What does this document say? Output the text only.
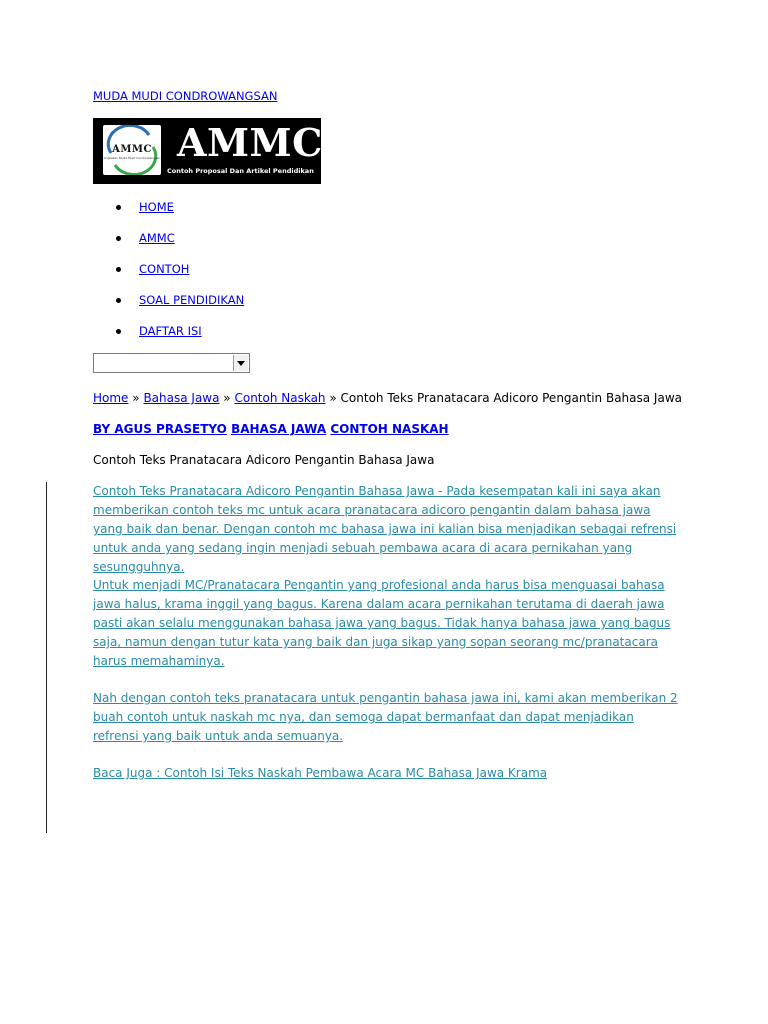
MUDA MUDI CONDROWANGSAN
AMMC
Angkatan Muda Mudi Condrowangsan AMMC
Contoh Proposal Dan Artikel Pendidikan
HOME
AMMC
CONTOH
SOAL PENDIDIKAN
DAFTAR ISI
Home » Bahasa Jawa » Contoh Naskah » Contoh Teks Pranatacara Adicoro Pengantin Bahasa Jawa
BY AGUS PRASETYO BAHASA JAWA CONTOH NASKAH
Contoh Teks Pranatacara Adicoro Pengantin Bahasa Jawa
Contoh Teks Pranatacara Adicoro Pengantin Bahasa Jawa - Pada kesempatan kali ini saya akan memberikan contoh teks mc untuk acara pranatacara adicoro pengantin dalam bahasa jawa yang baik dan benar. Dengan contoh mc bahasa jawa ini kalian bisa menjadikan sebagai refrensi untuk anda yang sedang ingin menjadi sebuah pembawa acara di acara pernikahan yang sesungguhnya.
Untuk menjadi MC/Pranatacara Pengantin yang profesional anda harus bisa menguasai bahasa jawa halus, krama inggil yang bagus. Karena dalam acara pernikahan terutama di daerah jawa pasti akan selalu menggunakan bahasa jawa yang bagus. Tidak hanya bahasa jawa yang bagus saja, namun dengan tutur kata yang baik dan juga sikap yang sopan seorang mc/pranatacara harus memahaminya.
Nah dengan contoh teks pranatacara untuk pengantin bahasa jawa ini, kami akan memberikan 2 buah contoh untuk naskah mc nya, dan semoga dapat bermanfaat dan dapat menjadikan refrensi yang baik untuk anda semuanya.
Baca Juga : Contoh Isi Teks Naskah Pembawa Acara MC Bahasa Jawa Krama
